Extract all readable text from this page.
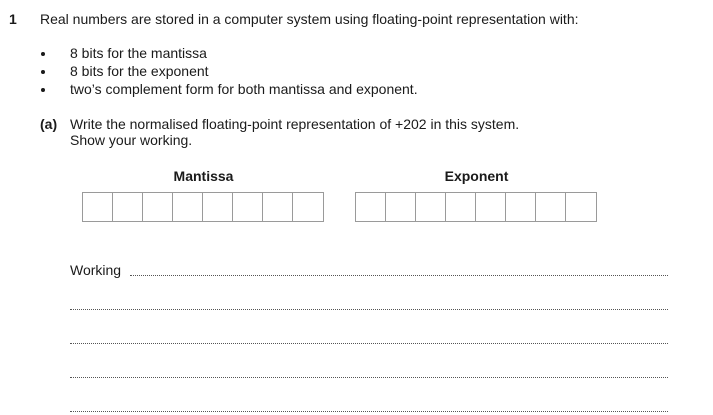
1 Real numbers are stored in a computer system using floating-point representation with:
8 bits for the mantissa
8 bits for the exponent
two’s complement form for both mantissa and exponent.
(a) Write the normalised floating-point representation of +202 in this system.
Show your working.
Mantissa	Exponent
Working
